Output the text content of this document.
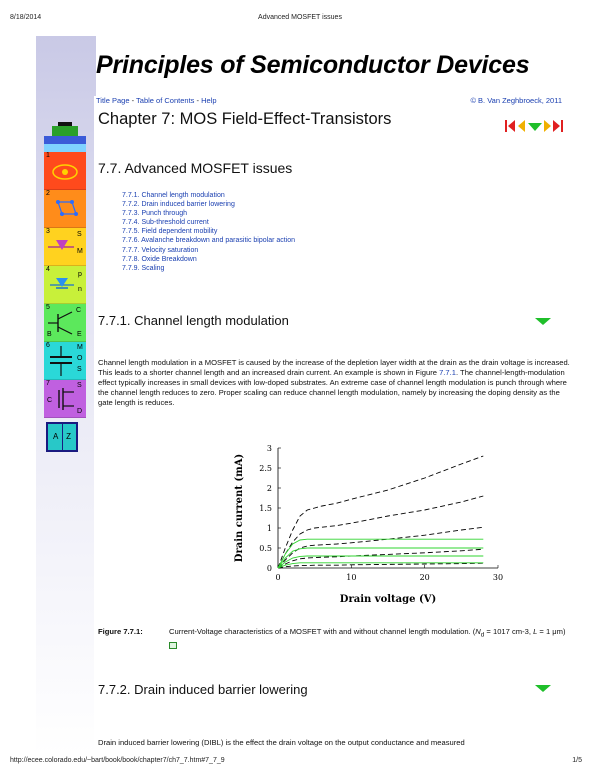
8/18/2014	Advanced MOSFET issues
Principles of Semiconductor Devices
Title Page - Table of Contents - Help	© B. Van Zeghbroeck, 2011
Chapter 7: MOS Field-Effect-Transistors
1
2
3	S
M
4
p
n
5	C
B	E
6	M
O
S
7	S
C
D
A Z
7.7. Advanced MOSFET issues
7.7.1. Channel length modulation
7.7.2. Drain induced barrier lowering
7.7.3. Punch through
7.7.4. Sub-threshold current
7.7.5. Field dependent mobility
7.7.6. Avalanche breakdown and parasitic bipolar action
7.7.7. Velocity saturation
7.7.8. Oxide Breakdown
7.7.9. Scaling
7.7.1. Channel length modulation
Channel length modulation in a MOSFET is caused by the increase of the depletion layer width at the drain as the drain voltage is increased. This leads to a shorter channel length and an increased drain current. An example is shown in Figure 7.7.1. The channel-length-modulation effect typically increases in small devices with low-doped substrates. An extreme case of channel length modulation is punch through where the channel length reduces to zero. Proper scaling can reduce channel length modulation, namely by increasing the doping density as the gate length is reduces.
0
0.5
1
1.5
2
2.5
3
0	10	20	30
Drain voltage (V)
Drain current (mA)
Figure 7.7.1:	Current-Voltage characteristics of a MOSFET with and without channel length modulation. ($N_d = 1017$ cm-3, L = 1 μm)
7.7.2. Drain induced barrier lowering
Drain induced barrier lowering (DIBL) is the effect the drain voltage on the output conductance and measured
http://ecee.colorado.edu/~bart/book/book/chapter7/ch7_7.htm#7_7_9	1/5
